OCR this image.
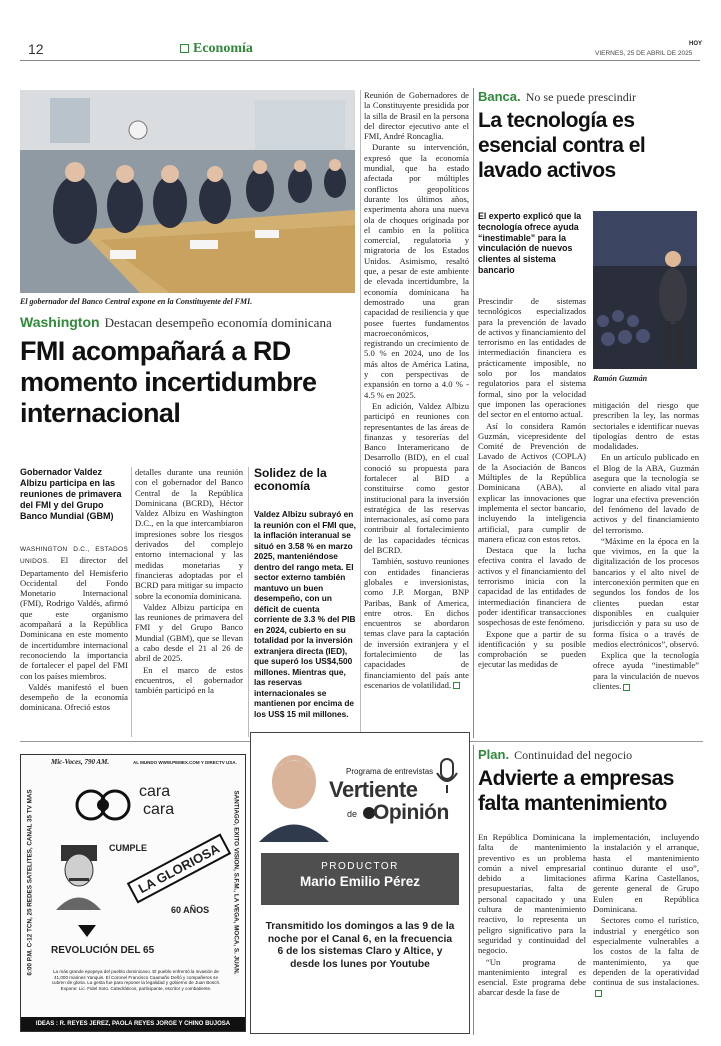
12	Economía	VIERNES, 25 DE ABRIL DE 2025
HOY
El gobernador del Banco Central expone en la Constituyente del FMI.
Washington Destacan desempeño economía dominicana
FMI acompañará a RD momento incertidumbre internacional
Gobernador Valdez Albizu participa en las reuniones de primavera del FMI y del Grupo Banco Mundial (GBM)

WASHINGTON D.C., ESTADOS UNIDOS. El director del Departamento del Hemisferio Occidental del Fondo Monetario Internacional (FMI), Rodrigo Valdés, afirmó que este organismo acompañará a la República Dominicana en este momento de incertidumbre internacional reconociendo la importancia de fortalecer el papel del FMI con los países miembros.

Valdés manifestó el buen desempeño de la economía dominicana. Ofreció estos

detalles durante una reunión con el gobernador del Banco Central de la República Dominicana (BCRD), Héctor Valdez Albizu en Washington D.C., en la que intercambiaron impresiones sobre los riesgos derivados del complejo entorno internacional y las medidas monetarias y financieras adoptadas por el BCRD para mitigar su impacto sobre la economía dominicana.

Valdez Albizu participa en las reuniones de primavera del FMI y del Grupo Banco Mundial (GBM), que se llevan a cabo desde el 21 al 26 de abril de 2025.

En el marco de estos encuentros, el gobernador también participó en la

Solidez de la economía
Valdez Albizu subrayó en la reunión con el FMI que, la inflación interanual se situó en 3.58 % en marzo 2025, manteniéndose dentro del rango meta. El sector externo también mantuvo un buen desempeño, con un déficit de cuenta corriente de 3.3 % del PIB en 2024, cubierto en su totalidad por la inversión extranjera directa (IED), que superó los US$4,500 millones. Mientras que, las reservas internacionales se mantienen por encima de los US$ 15 mil millones.

Reunión de Gobernadores de la Constituyente presidida por la silla de Brasil en la persona del director ejecutivo ante el FMI, André Roncaglia.

Durante su intervención, expresó que la economía mundial, que ha estado afectada por múltiples conflictos geopolíticos durante los últimos años, experimenta ahora una nueva ola de choques originada por el cambio en la política comercial, regulatoria y migratoria de los Estados Unidos. Asimismo, resaltó que, a pesar de este ambiente de elevada incertidumbre, la economía dominicana ha demostrado una gran capacidad de resiliencia y que posee fuertes fundamentos macroeconómicos, registrando un crecimiento de 5.0 % en 2024, uno de los más altos de América Latina, y con perspectivas de expansión en torno a 4.0 % - 4.5 % en 2025.

En adición, Valdez Albizu participó en reuniones con representantes de las áreas de finanzas y tesorerías del Banco Interamericano de Desarrollo (BID), en el cual conoció su propuesta para fortalecer al BID a constituirse como gestor institucional para la inversión estratégica de las reservas internacionales, así como para contribuir al fortalecimiento de las capacidades técnicas del BCRD.

También, sostuvo reuniones con entidades financieras globales e inversionistas, como J.P. Morgan, BNP Paribas, Bank of America, entre otros. En dichos encuentros se abordaron temas clave para la captación de inversión extranjera y el fortalecimiento de las capacidades de financiamiento del país ante escenarios de volatilidad.

Banca. No se puede prescindir
La tecnología es esencial contra el lavado activos
El experto explicó que la tecnología ofrece ayuda “inestimable” para la vinculación de nuevos clientes al sistema bancario
Ramón Guzmán

Prescindir de sistemas tecnológicos especializados para la prevención de lavado de activos y financiamiento del terrorismo en las entidades de intermediación financiera es prácticamente imposible, no solo por los mandatos regulatorios para el sistema formal, sino por la velocidad que imponen las operaciones del sector en el entorno actual.

Así lo considera Ramón Guzmán, vicepresidente del Comité de Prevención de Lavado de Activos (COPLA) de la Asociación de Bancos Múltiples de la República Dominicana (ABA), al explicar las innovaciones que implementa el sector bancario, incluyendo la inteligencia artificial, para cumplir de manera eficaz con estos retos.

Destaca que la lucha efectiva contra el lavado de activos y el financiamiento del terrorismo inicia con la capacidad de las entidades de intermediación financiera de poder identificar transacciones sospechosas de este fenómeno.

Expone que a partir de su identificación y su posible comprobación se pueden ejecutar las medidas de

mitigación del riesgo que prescriben la ley, las normas sectoriales e identificar nuevas tipologías dentro de estas modalidades.

En un artículo publicado en el Blog de la ABA, Guzmán asegura que la tecnología se convierte en aliado vital para lograr una efectiva prevención del fenómeno del lavado de activos y del financiamiento del terrorismo.

“Máxime en la época en la que vivimos, en la que la digitalización de los procesos bancarios y el alto nivel de interconexión permiten que en segundos los fondos de los clientes puedan estar disponibles en cualquier jurisdicción y para su uso de forma física o a través de medios electrónicos”, observó.

Explica que la tecnología ofrece ayuda “inestimable” para la vinculación de nuevos clientes.

Mic-Voces, 790 AM.	AL MUNDO WWW.PEMEX.COM Y DIRECTV USA.
6:00 P.M. C-12 TCN, 25 REDES SATELITES, CANAL 35 TV MAS	SANTIAGO, EXITO VISION, S.F.M., LA VEGA, MOCA, S. JUAN.
cara
cara
CUMPLE
LA GLORIOSA
60 AÑOS
REVOLUCIÓN DEL 65
La más grande epopeya del pueblo dominicano. El pueblo enfrentó la invasión de 41,000 marines Yanquis. El Coronel Francisco Caamaño Deñó y compañeros se cubren de gloria. La gesta fue para reponer la legalidad y gobierno de Juan Bosch. Expone: Lic. Fidel Soto. Catedráticos, participante, escritor y combatiente.
IDEAS : R. REYES JEREZ, PAOLA REYES JORGE Y CHINO BUJOSA
Programa de entrevistas
Vertiente
de Opinión
PRODUCTOR
Mario Emilio Pérez
Transmitido los domingos a las 9 de la noche por el Canal 6, en la frecuencia 6 de los sistemas Claro y Altice, y desde los lunes por Youtube
Plan. Continuidad del negocio
Advierte a empresas falta mantenimiento

En República Dominicana la falta de mantenimiento preventivo es un problema común a nivel empresarial debido a limitaciones presupuestarias, falta de personal capacitado y una cultura de mantenimiento reactivo, lo representa un peligro significativo para la seguridad y continuidad del negocio.

“Un programa de mantenimiento integral es esencial. Este programa debe abarcar desde la fase de

implementación, incluyendo la instalación y el arranque, hasta el mantenimiento continuo durante el uso”, afirma Karina Castellanos, gerente general de Grupo Eulen en República Dominicana.

Sectores como el turístico, industrial y energético son especialmente vulnerables a los costos de la falta de mantenimiento, ya que dependen de la operatividad continua de sus instalaciones.
